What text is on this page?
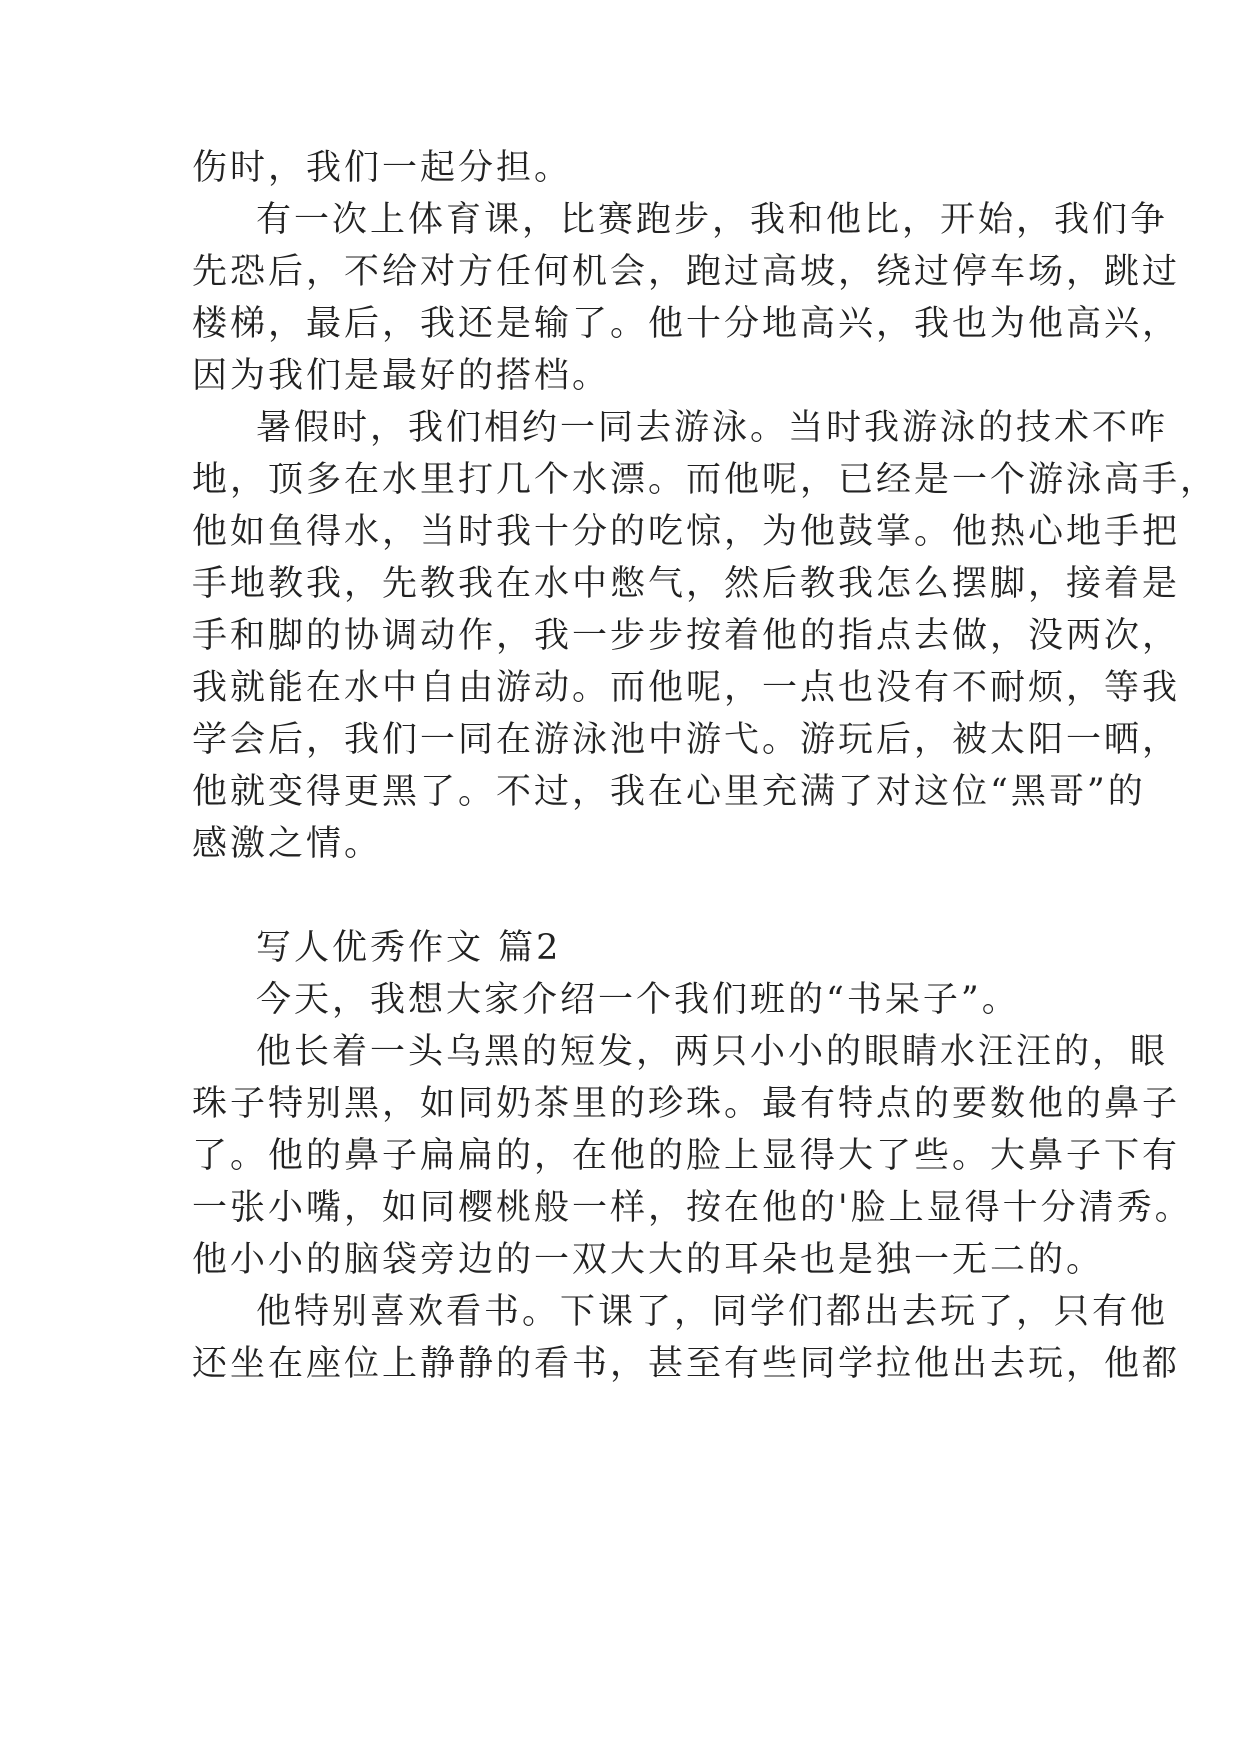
伤时，我们一起分担。
有一次上体育课，比赛跑步，我和他比，开始，我们争
先恐后，不给对方任何机会，跑过高坡，绕过停车场，跳过
楼梯，最后，我还是输了。他十分地高兴，我也为他高兴，
因为我们是最好的搭档。
暑假时，我们相约一同去游泳。当时我游泳的技术不咋
地，顶多在水里打几个水漂。而他呢，已经是一个游泳高手，
他如鱼得水，当时我十分的吃惊，为他鼓掌。他热心地手把
手地教我，先教我在水中憋气，然后教我怎么摆脚，接着是
手和脚的协调动作，我一步步按着他的指点去做，没两次，
我就能在水中自由游动。而他呢，一点也没有不耐烦，等我
学会后，我们一同在游泳池中游弋。游玩后，被太阳一晒，
他就变得更黑了。不过，我在心里充满了对这位“黑哥”的
感激之情。
写人优秀作文 篇2
今天，我想大家介绍一个我们班的“书呆子”。
他长着一头乌黑的短发，两只小小的眼睛水汪汪的，眼
珠子特别黑，如同奶茶里的珍珠。最有特点的要数他的鼻子
了。他的鼻子扁扁的，在他的脸上显得大了些。大鼻子下有
一张小嘴，如同樱桃般一样，按在他的'脸上显得十分清秀。
他小小的脑袋旁边的一双大大的耳朵也是独一无二的。
他特别喜欢看书。下课了，同学们都出去玩了，只有他
还坐在座位上静静的看书，甚至有些同学拉他出去玩，他都
